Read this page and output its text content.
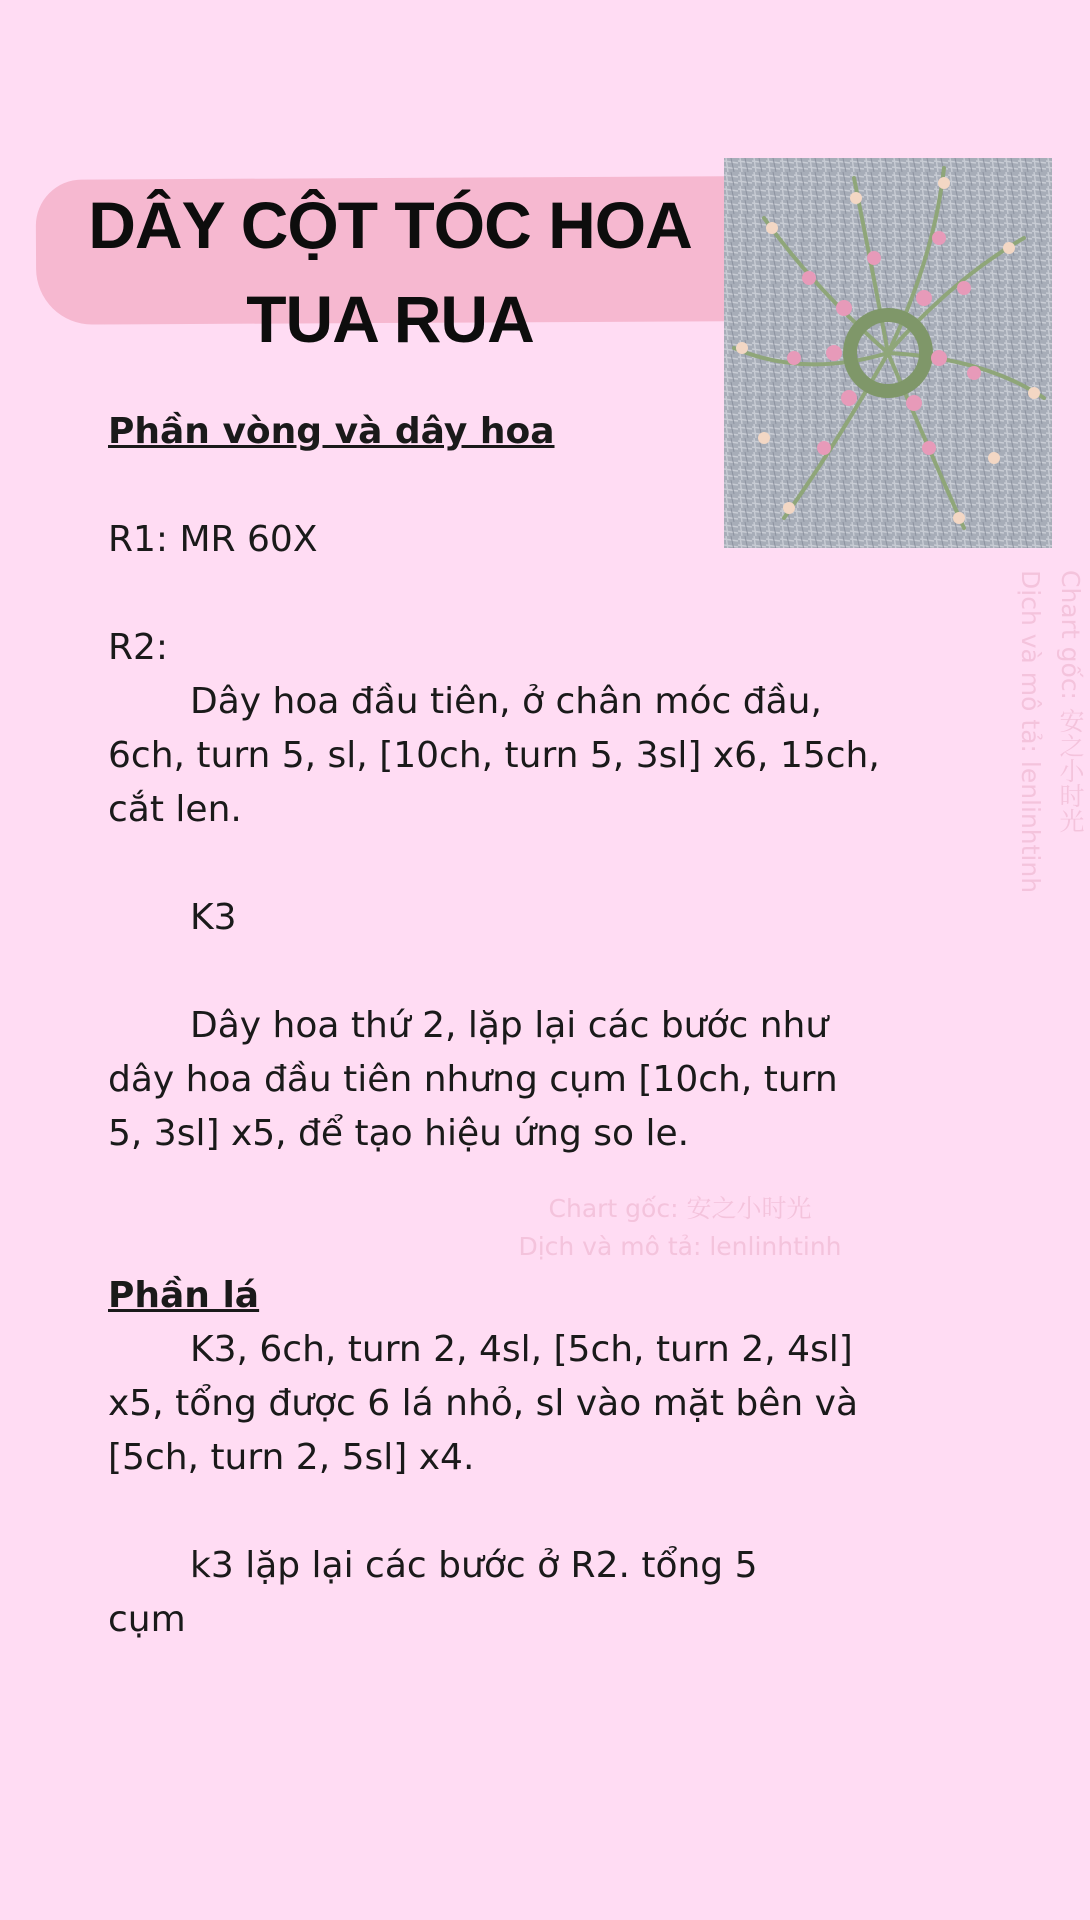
DÂY CỘT TÓC HOA
TUA RUA

Phần vòng và dây hoa

R1: MR 60X

R2:

Dây hoa đầu tiên, ở chân móc đầu,

6ch, turn 5, sl, [10ch, turn 5, 3sl] x6, 15ch,

cắt len.

K3

Dây hoa thứ 2, lặp lại các bước như

dây hoa đầu tiên nhưng cụm [10ch, turn

5, 3sl] x5, để tạo hiệu ứng so le.

Phần lá

K3, 6ch, turn 2, 4sl, [5ch, turn 2, 4sl]

x5, tổng được 6 lá nhỏ, sl vào mặt bên và

[5ch, turn 2, 5sl] x4.

k3 lặp lại các bước ở R2. tổng 5

cụm

Chart gốc: 安之小时光
Dịch và mô tả: lenlinhtinh
Chart gốc: 安之小时光
Dịch và mô tả: lenlinhtinh
